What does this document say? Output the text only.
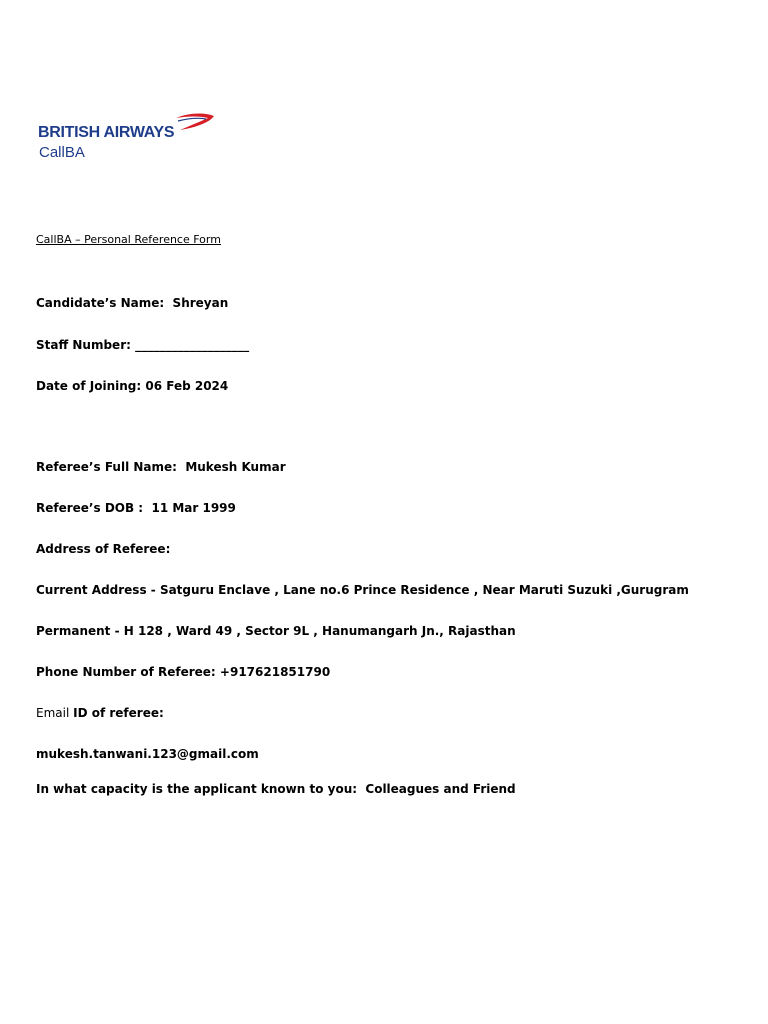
BRITISH AIRWAYS
CallBA
CallBA – Personal Reference Form
Candidate’s Name: Shreyan
Staff Number: ___________________
Date of Joining: 06 Feb 2024
Referee’s Full Name: Mukesh Kumar
Referee’s DOB : 11 Mar 1999
Address of Referee:
Current Address - Satguru Enclave , Lane no.6 Prince Residence , Near Maruti Suzuki ,Gurugram
Permanent - H 128 , Ward 49 , Sector 9L , Hanumangarh Jn., Rajasthan
Phone Number of Referee: +917621851790
Email ID of referee:
mukesh.tanwani.123@gmail.com
In what capacity is the applicant known to you: Colleagues and Friend
